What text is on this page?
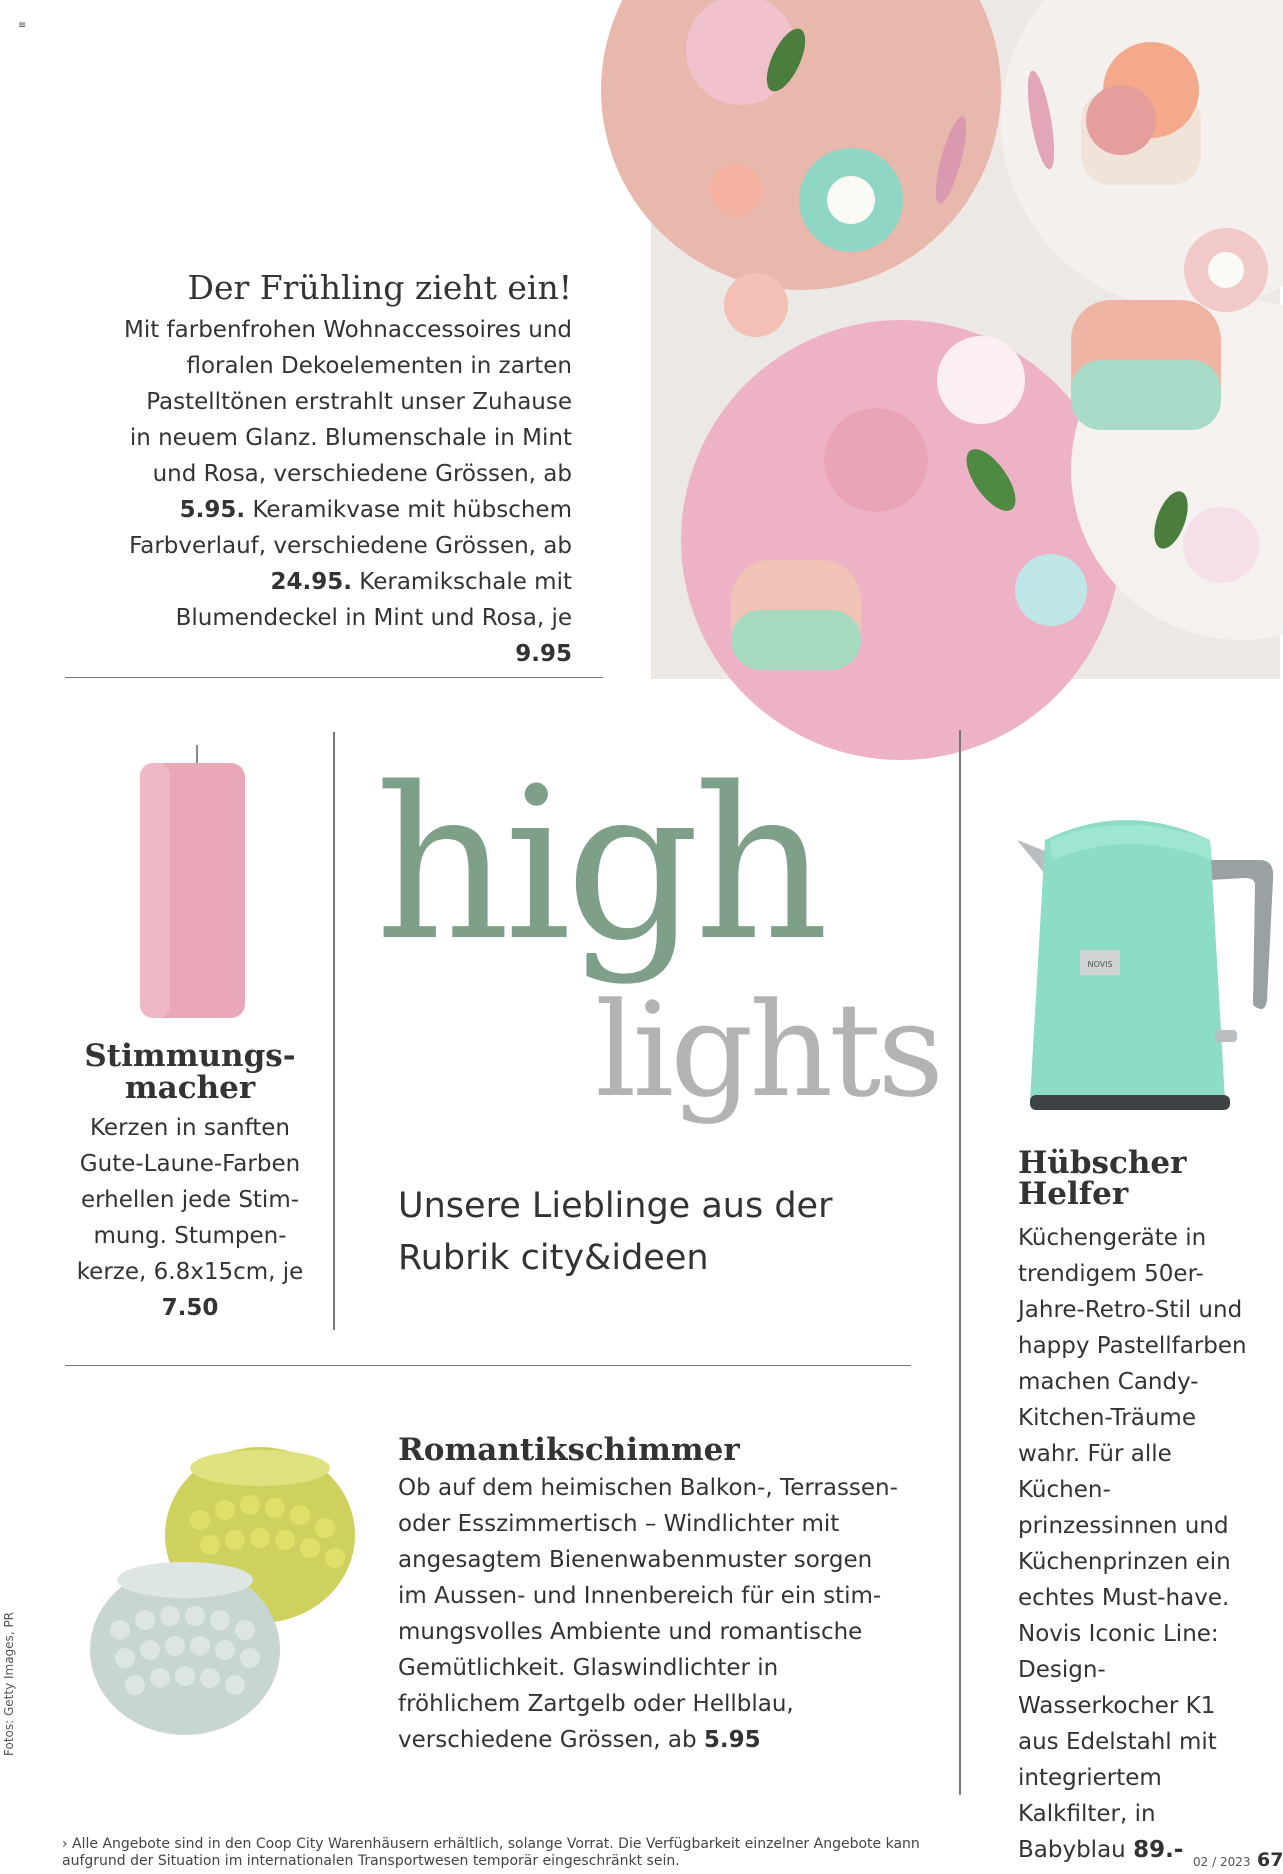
≡
Der Frühling zieht ein!

Mit farbenfrohen Wohnaccessoires und floralen Dekoelementen in zarten Pastelltönen erstrahlt unser Zuhause in neuem Glanz. Blumenschale in Mint und Rosa, verschiedene Grössen, ab 5.95. Keramikvase mit hübschem Farbverlauf, verschiedene Grössen, ab 24.95. Keramikschale mit Blumendeckel in Mint und Rosa, je 9.95

Stimmungs-
macher

Kerzen in sanften Gute-Laune-Farben erhellen jede Stim- mung. Stumpen- kerze, 6.8x15cm, je 7.50

high
lights
Unsere Lieblinge aus der Rubrik city&ideen
NOVIS
Hübscher
Helfer

Küchengeräte in trendigem 50er- Jahre-Retro-Stil und happy Pastellfarben machen Candy- Kitchen-Träume wahr. Für alle Küchen- prinzessinnen und Küchenprinzen ein echtes Must-have. Novis Iconic Line: Design-Wasserkocher K1 aus Edelstahl mit integriertem Kalkfilter, in Babyblau 89.-

Romantikschimmer

Ob auf dem heimischen Balkon-, Terrassen- oder Esszimmertisch – Windlichter mit angesagtem Bienenwabenmuster sorgen im Aussen- und Innenbereich für ein stim- mungsvolles Ambiente und romantische Gemütlichkeit. Glaswindlichter in fröhlichem Zartgelb oder Hellblau, verschiedene Grössen, ab 5.95

Fotos: Getty Images, PR
› Alle Angebote sind in den Coop City Warenhäusern erhältlich, solange Vorrat. Die Verfügbarkeit einzelner Angebote kann aufgrund der Situation im internationalen Transportwesen temporär eingeschränkt sein.	02 / 2023 67
